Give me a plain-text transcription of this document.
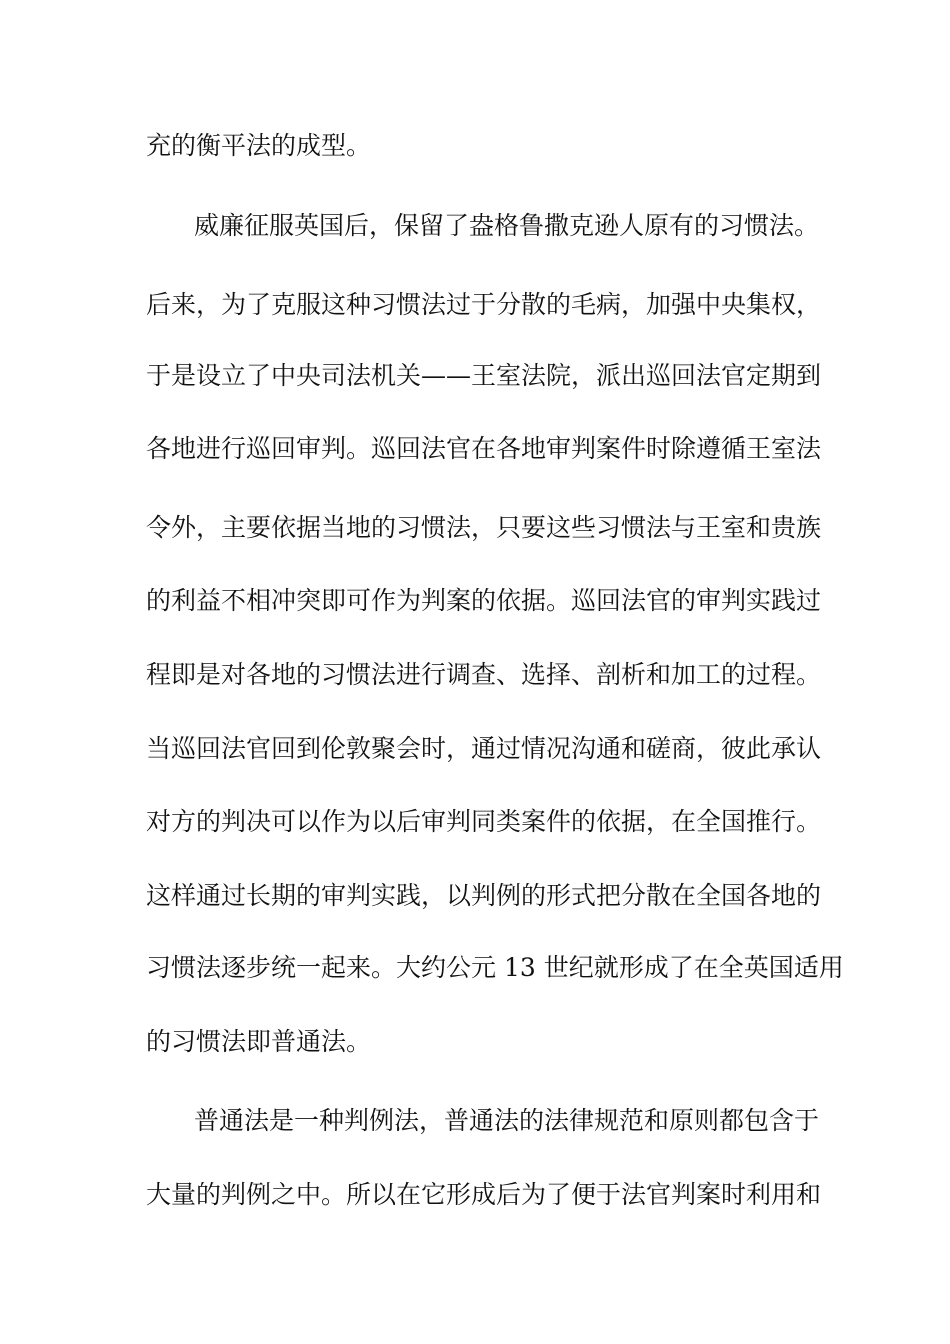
充的衡平法的成型。
威廉征服英国后，保留了盎格鲁撒克逊人原有的习惯法。
后来，为了克服这种习惯法过于分散的毛病，加强中央集权，
于是设立了中央司法机关——王室法院，派出巡回法官定期到
各地进行巡回审判。巡回法官在各地审判案件时除遵循王室法
令外，主要依据当地的习惯法，只要这些习惯法与王室和贵族
的利益不相冲突即可作为判案的依据。巡回法官的审判实践过
程即是对各地的习惯法进行调查、选择、剖析和加工的过程。
当巡回法官回到伦敦聚会时，通过情况沟通和磋商，彼此承认
对方的判决可以作为以后审判同类案件的依据，在全国推行。
这样通过长期的审判实践，以判例的形式把分散在全国各地的
习惯法逐步统一起来。大约公元 13 世纪就形成了在全英国适用
的习惯法即普通法。
普通法是一种判例法，普通法的法律规范和原则都包含于
大量的判例之中。所以在它形成后为了便于法官判案时利用和
